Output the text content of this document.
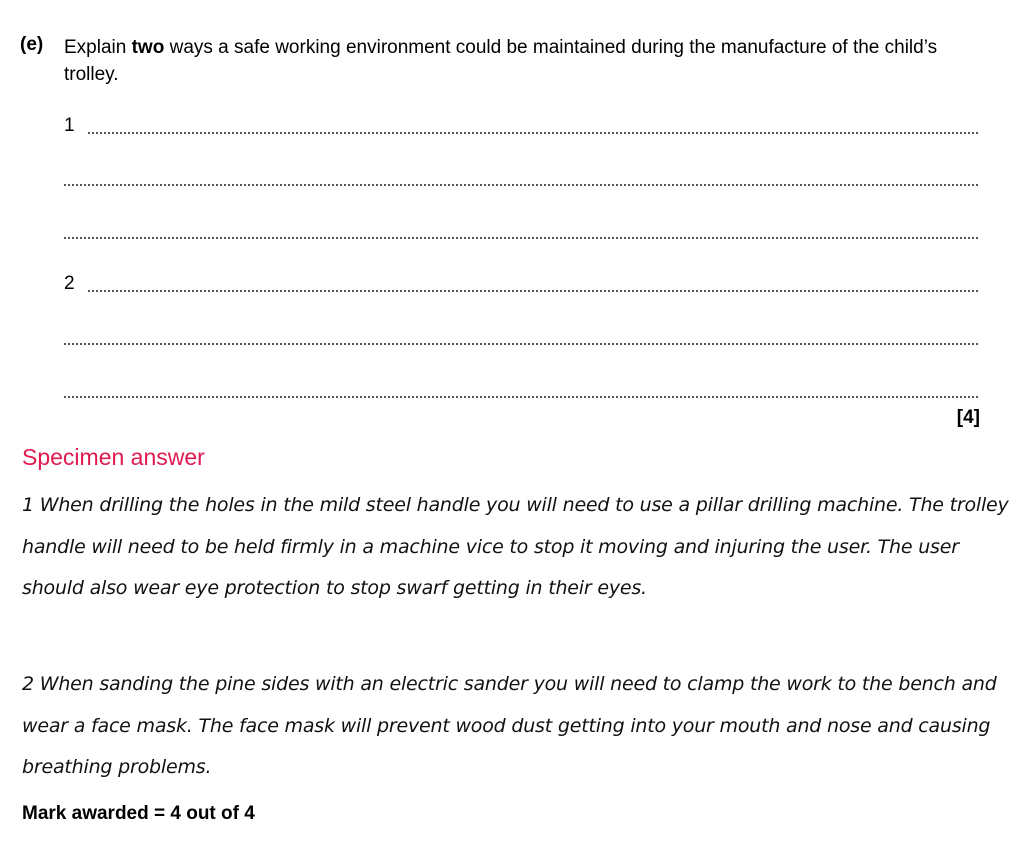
(e) Explain two ways a safe working environment could be maintained during the manufacture of the child’s trolley.
1
2
[4]
Specimen answer
1 When drilling the holes in the mild steel handle you will need to use a pillar drilling machine. The trolley handle will need to be held firmly in a machine vice to stop it moving and injuring the user. The user should also wear eye protection to stop swarf getting in their eyes.
2 When sanding the pine sides with an electric sander you will need to clamp the work to the bench and wear a face mask. The face mask will prevent wood dust getting into your mouth and nose and causing breathing problems.
Mark awarded = 4 out of 4
